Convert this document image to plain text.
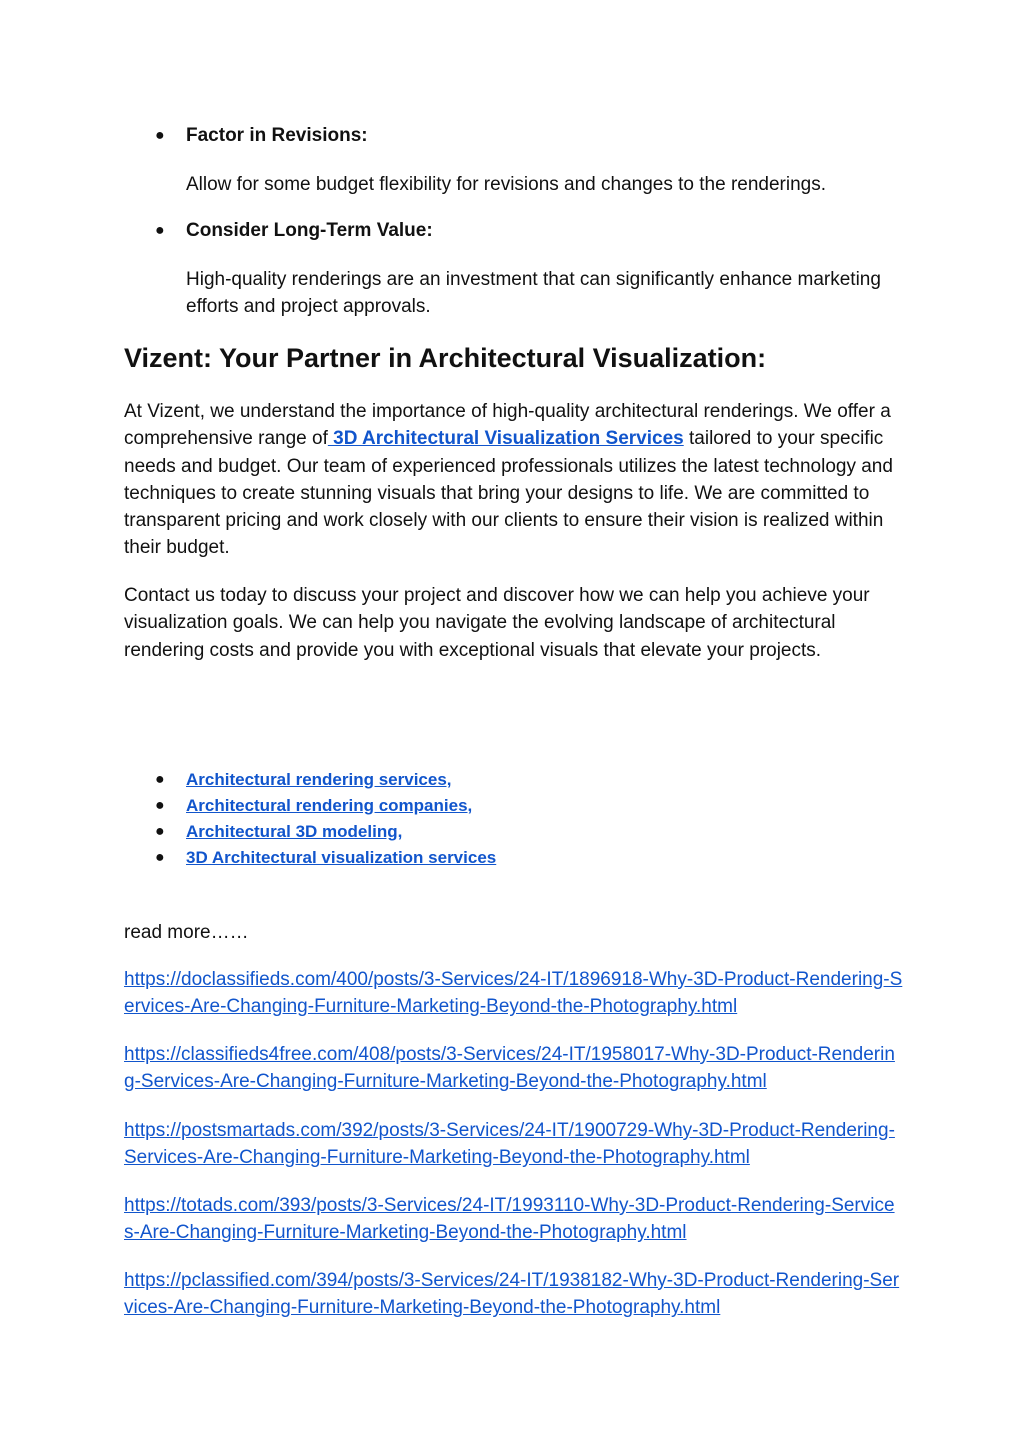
● Factor in Revisions:
Allow for some budget flexibility for revisions and changes to the renderings.
● Consider Long-Term Value:
High-quality renderings are an investment that can significantly enhance marketing efforts and project approvals.
Vizent: Your Partner in Architectural Visualization:
At Vizent, we understand the importance of high-quality architectural renderings. We offer a comprehensive range of 3D Architectural Visualization Services tailored to your specific needs and budget. Our team of experienced professionals utilizes the latest technology and techniques to create stunning visuals that bring your designs to life. We are committed to transparent pricing and work closely with our clients to ensure their vision is realized within their budget.
Contact us today to discuss your project and discover how we can help you achieve your visualization goals. We can help you navigate the evolving landscape of architectural rendering costs and provide you with exceptional visuals that elevate your projects.
● Architectural rendering services,
● Architectural rendering companies,
● Architectural 3D modeling,
● 3D Architectural visualization services
read more……
https://doclassifieds.com/400/posts/3-Services/24-IT/1896918-Why-3D-Product-Rendering-Services-Are-Changing-Furniture-Marketing-Beyond-the-Photography.html
https://classifieds4free.com/408/posts/3-Services/24-IT/1958017-Why-3D-Product-Rendering-Services-Are-Changing-Furniture-Marketing-Beyond-the-Photography.html
https://postsmartads.com/392/posts/3-Services/24-IT/1900729-Why-3D-Product-Rendering-Services-Are-Changing-Furniture-Marketing-Beyond-the-Photography.html
https://totads.com/393/posts/3-Services/24-IT/1993110-Why-3D-Product-Rendering-Services-Are-Changing-Furniture-Marketing-Beyond-the-Photography.html
https://pclassified.com/394/posts/3-Services/24-IT/1938182-Why-3D-Product-Rendering-Services-Are-Changing-Furniture-Marketing-Beyond-the-Photography.html
